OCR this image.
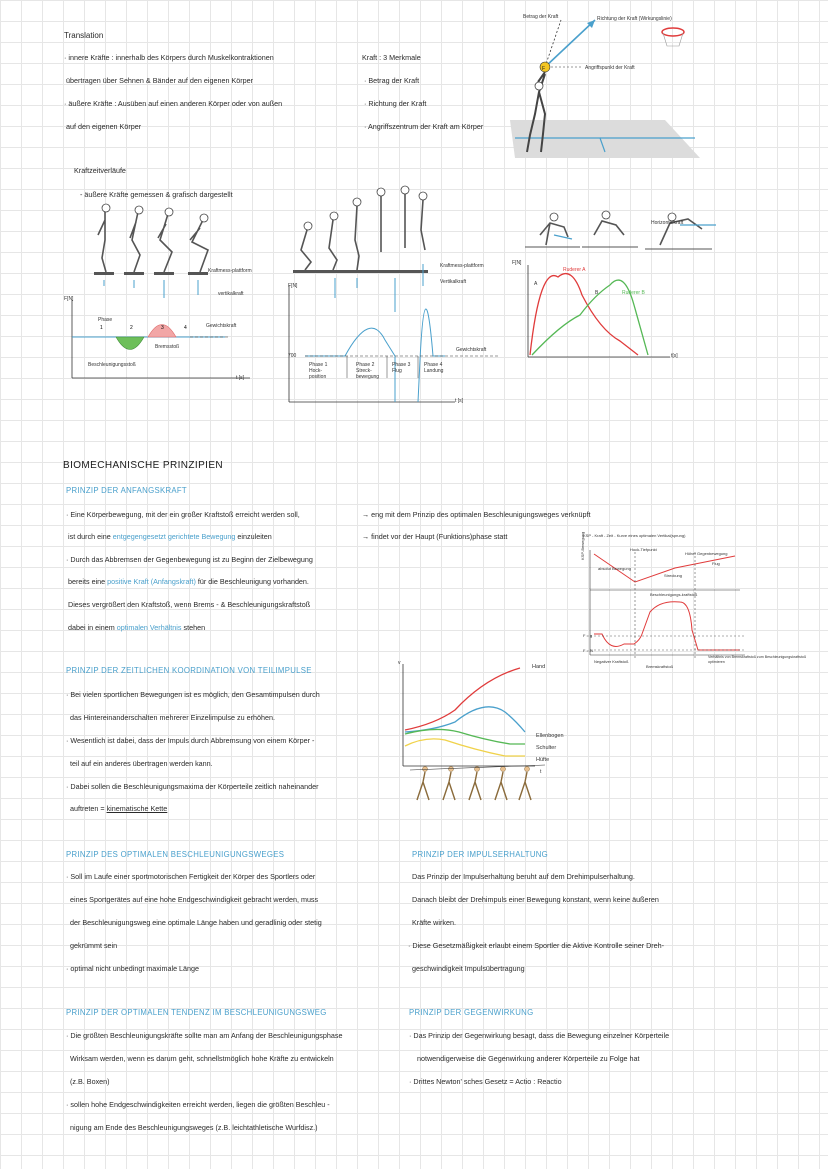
Translation
· innere Kräfte : innerhalb des Körpers durch Muskelkontraktionen
übertragen über Sehnen & Bänder auf den eigenen Körper
· äußere Kräfte : Ausüben auf einen anderen Körper oder von außen
auf den eigenen Körper
Kraft : 3 Merkmale
· Betrag der Kraft
· Richtung der Kraft
· Angriffszentrum der Kraft am Körper
F
Betrag der Kraft	Richtung der Kraft (Wirkungslinie)
Angriffspunkt der Kraft
Kraftzeitverläufe
- äußere Kräfte gemessen & grafisch dargestellt
1	2	3	4
Kraftmess-plattform
vertikalkraft
F[N]
Phase
Gewichtskraft
Bremsstoß
Beschleunigungsstoß
t [s]
F[N]
Kraftmess-plattform
Vertikalkraft
Gewichtskraft
700
t [s]
Phase 1
Hock-
position
Phase 2
Streck-
bewegung
Phase 3
Flug
Phase 4
Landung
Horizontalkraft
F[N]
Ruderer A
Ruderer B
A
B
t[s]
BIOMECHANISCHE PRINZIPIEN
PRINZIP DER ANFANGSKRAFT
· Eine Körperbewegung, mit der ein großer Kraftstoß erreicht werden soll,
ist durch eine entgegengesetzt gerichtete Bewegung einzuleiten
· Durch das Abbremsen der Gegenbewegung ist zu Beginn der Zielbewegung
bereits eine positive Kraft (Anfangskraft) für die Beschleunigung vorhanden.
Dieses vergrößert den Kraftstoß, wenn Brems - & Beschleunigungskraftstoß
dabei in einem optimalen Verhältnis stehen
→ eng mit dem Prinzip des optimalen Beschleunigungsweges verknüpft
→ findet vor der Haupt (Funktions)phase statt	KSP - Kraft - Zeit - Kurve eines optimalen Vertikal(sprung)
Hock-Tiefpunkt
Höher Gegenbewegung
Flug
absolut Bewegung
Streckung
KSP-Bewegung
Beschleunigungs-kraftstoß
F = g
F = N
Negativer Kraftstoß
Bremskraftstoß
Verhältnis von Bremskraftstoß zum Beschleunigungskraftstoß optimieren
PRINZIP DER ZEITLICHEN KOORDINATION VON TEILIMPULSE
· Bei vielen sportlichen Bewegungen ist es möglich, den Gesamtimpulsen durch
das Hintereinanderschalten mehrerer Einzelimpulse zu erhöhen.
· Wesentlich ist dabei, dass der Impuls durch Abbremsung von einem Körper -
teil auf ein anderes übertragen werden kann.
· Dabei sollen die Beschleunigungsmaxima der Körperteile zeitlich naheinander
auftreten = kinematische Kette
v
t
Hand
Ellenbogen
Schulter
Hüfte
PRINZIP DES OPTIMALEN BESCHLEUNIGUNGSWEGES
· Soll im Laufe einer sportmotorischen Fertigkeit der Körper des Sportlers oder
eines Sportgerätes auf eine hohe Endgeschwindigkeit gebracht werden, muss
der Beschleunigungsweg eine optimale Länge haben und geradlinig oder stetig
gekrümmt sein
· optimal nicht unbedingt maximale Länge
PRINZIP DER IMPULSERHALTUNG
Das Prinzip der Impulserhaltung beruht auf dem Drehimpulserhaltung.
Danach bleibt der Drehimpuls einer Bewegung konstant, wenn keine äußeren
Kräfte wirken.
· Diese Gesetzmäßigkeit erlaubt einem Sportler die Aktive Kontrolle seiner Dreh-
geschwindigkeit Impulsübertragung
PRINZIP DER OPTIMALEN TENDENZ IM BESCHLEUNIGUNGSWEG
· Die größten Beschleunigungskräfte sollte man am Anfang der Beschleunigungsphase
Wirksam werden, wenn es darum geht, schnellstmöglich hohe Kräfte zu entwickeln
(z.B. Boxen)
· sollen hohe Endgeschwindigkeiten erreicht werden, liegen die größten Beschleu -
nigung am Ende des Beschleunigungsweges (z.B. leichtathletische Wurfdisz.)
PRINZIP DER GEGENWIRKUNG
· Das Prinzip der Gegenwirkung besagt, dass die Bewegung einzelner Körperteile
notwendigerweise die Gegenwirkung anderer Körperteile zu Folge hat
· Drittes Newton' sches Gesetz = Actio : Reactio
